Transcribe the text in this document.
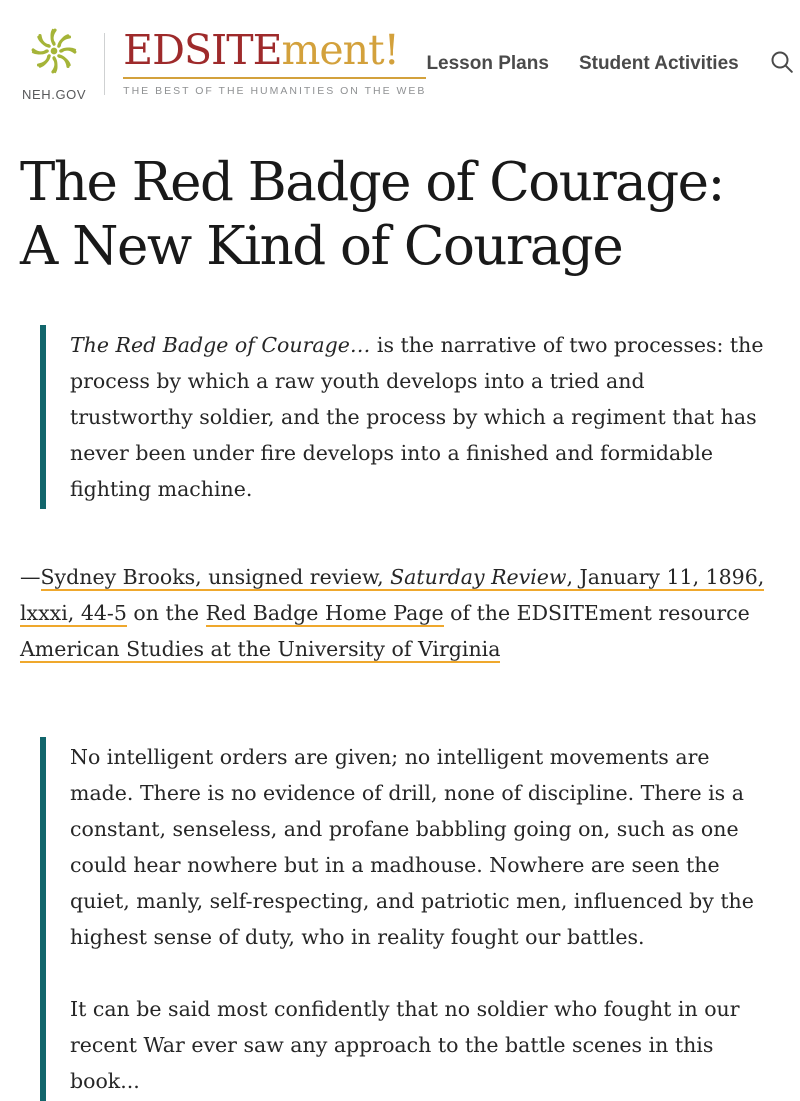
NEH.GOV
EDSITEment!
THE BEST OF THE HUMANITIES ON THE WEB
Lesson Plans Student Activities
The Red Badge of Courage:
A New Kind of Courage

The Red Badge of Courage… is the narrative of two processes: the process by which a raw youth develops into a tried and trustworthy soldier, and the process by which a regiment that has never been under fire develops into a finished and formidable fighting machine.

—Sydney Brooks, unsigned review, Saturday Review, January 11, 1896, lxxxi, 44-5 on the Red Badge Home Page of the EDSITEment resource American Studies at the University of Virginia

No intelligent orders are given; no intelligent movements are made. There is no evidence of drill, none of discipline. There is a constant, senseless, and profane babbling going on, such as one could hear nowhere but in a madhouse. Nowhere are seen the quiet, manly, self-respecting, and patriotic men, influenced by the highest sense of duty, who in reality fought our battles.

It can be said most confidently that no soldier who fought in our recent War ever saw any approach to the battle scenes in this book...
